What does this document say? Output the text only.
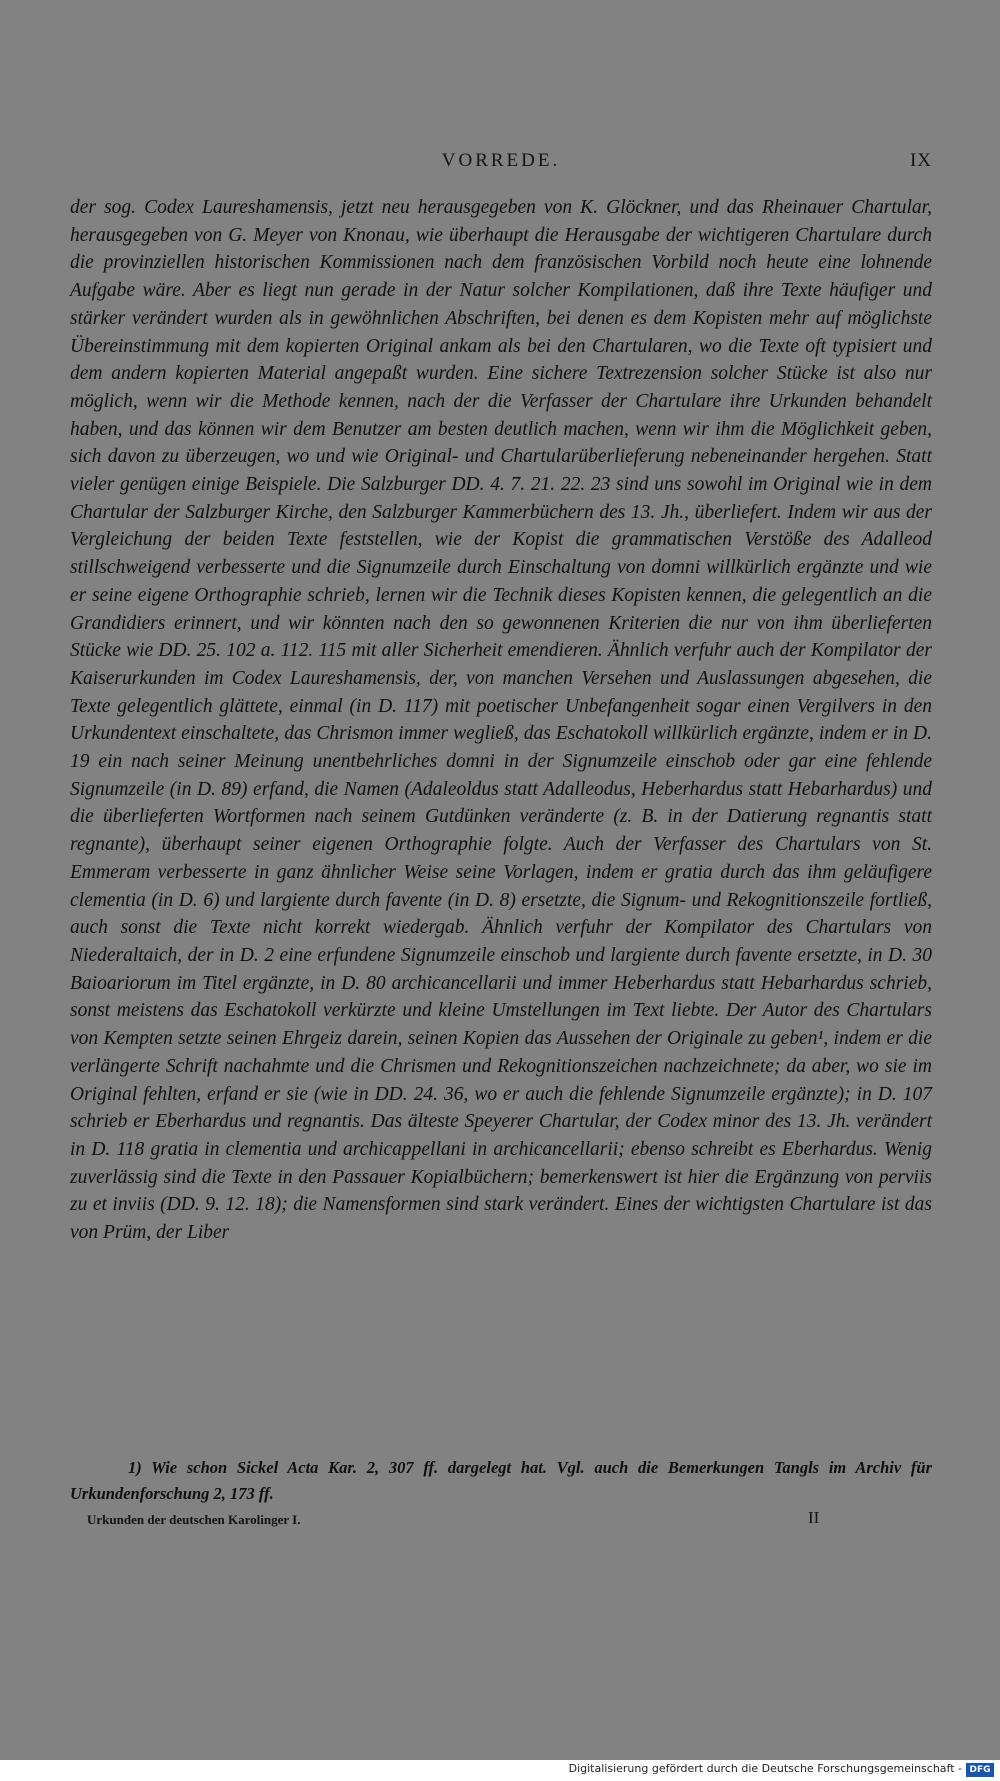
VORREDE.	IX

der sog. Codex Laureshamensis, jetzt neu herausgegeben von K. Glöckner, und das Rheinauer Chartular, herausgegeben von G. Meyer von Knonau, wie überhaupt die Herausgabe der wichtigeren Chartulare durch die provinziellen historischen Kommissionen nach dem französischen Vorbild noch heute eine lohnende Aufgabe wäre. Aber es liegt nun gerade in der Natur solcher Kompilationen, daß ihre Texte häufiger und stärker verändert wurden als in gewöhnlichen Abschriften, bei denen es dem Kopisten mehr auf möglichste Übereinstimmung mit dem kopierten Original ankam als bei den Chartularen, wo die Texte oft typisiert und dem andern kopierten Material angepaßt wurden. Eine sichere Textrezension solcher Stücke ist also nur möglich, wenn wir die Methode kennen, nach der die Verfasser der Chartulare ihre Urkunden behandelt haben, und das können wir dem Benutzer am besten deutlich machen, wenn wir ihm die Möglichkeit geben, sich davon zu überzeugen, wo und wie Original- und Chartularüberlieferung nebeneinander hergehen. Statt vieler genügen einige Beispiele. Die Salzburger DD. 4. 7. 21. 22. 23 sind uns sowohl im Original wie in dem Chartular der Salzburger Kirche, den Salzburger Kammerbüchern des 13. Jh., überliefert. Indem wir aus der Vergleichung der beiden Texte feststellen, wie der Kopist die grammatischen Verstöße des Adalleod stillschweigend verbesserte und die Signumzeile durch Einschaltung von domni willkürlich ergänzte und wie er seine eigene Orthographie schrieb, lernen wir die Technik dieses Kopisten kennen, die gelegentlich an die Grandidiers erinnert, und wir könnten nach den so gewonnenen Kriterien die nur von ihm überlieferten Stücke wie DD. 25. 102 a. 112. 115 mit aller Sicherheit emendieren. Ähnlich verfuhr auch der Kompilator der Kaiserurkunden im Codex Laureshamensis, der, von manchen Versehen und Auslassungen abgesehen, die Texte gelegentlich glättete, einmal (in D. 117) mit poetischer Unbefangenheit sogar einen Vergilvers in den Urkundentext einschaltete, das Chrismon immer wegließ, das Eschatokoll willkürlich ergänzte, indem er in D. 19 ein nach seiner Meinung unentbehrliches domni in der Signumzeile einschob oder gar eine fehlende Signumzeile (in D. 89) erfand, die Namen (Adaleoldus statt Adalleodus, Heberhardus statt Hebarhardus) und die überlieferten Wortformen nach seinem Gutdünken veränderte (z. B. in der Datierung regnantis statt regnante), überhaupt seiner eigenen Orthographie folgte. Auch der Verfasser des Chartulars von St. Emmeram verbesserte in ganz ähnlicher Weise seine Vorlagen, indem er gratia durch das ihm geläufigere clementia (in D. 6) und largiente durch favente (in D. 8) ersetzte, die Signum- und Rekognitionszeile fortließ, auch sonst die Texte nicht korrekt wiedergab. Ähnlich verfuhr der Kompilator des Chartulars von Niederaltaich, der in D. 2 eine erfundene Signumzeile einschob und largiente durch favente ersetzte, in D. 30 Baioariorum im Titel ergänzte, in D. 80 archicancellarii und immer Heberhardus statt Hebarhardus schrieb, sonst meistens das Eschatokoll verkürzte und kleine Umstellungen im Text liebte. Der Autor des Chartulars von Kempten setzte seinen Ehrgeiz darein, seinen Kopien das Aussehen der Originale zu geben¹, indem er die verlängerte Schrift nachahmte und die Chrismen und Rekognitionszeichen nachzeichnete; da aber, wo sie im Original fehlten, erfand er sie (wie in DD. 24. 36, wo er auch die fehlende Signumzeile ergänzte); in D. 107 schrieb er Eberhardus und regnantis. Das älteste Speyerer Chartular, der Codex minor des 13. Jh. verändert in D. 118 gratia in clementia und archicappellani in archicancellarii; ebenso schreibt es Eberhardus. Wenig zuverlässig sind die Texte in den Passauer Kopialbüchern; bemerkenswert ist hier die Ergänzung von perviis zu et inviis (DD. 9. 12. 18); die Namensformen sind stark verändert. Eines der wichtigsten Chartulare ist das von Prüm, der Liber

1) Wie schon Sickel Acta Kar. 2, 307 ff. dargelegt hat. Vgl. auch die Bemerkungen Tangls im Archiv für Urkundenforschung 2, 173 ff.

Urkunden der deutschen Karolinger I.	II
Digitalisierung gefördert durch die Deutsche Forschungsgemeinschaft - DFG
